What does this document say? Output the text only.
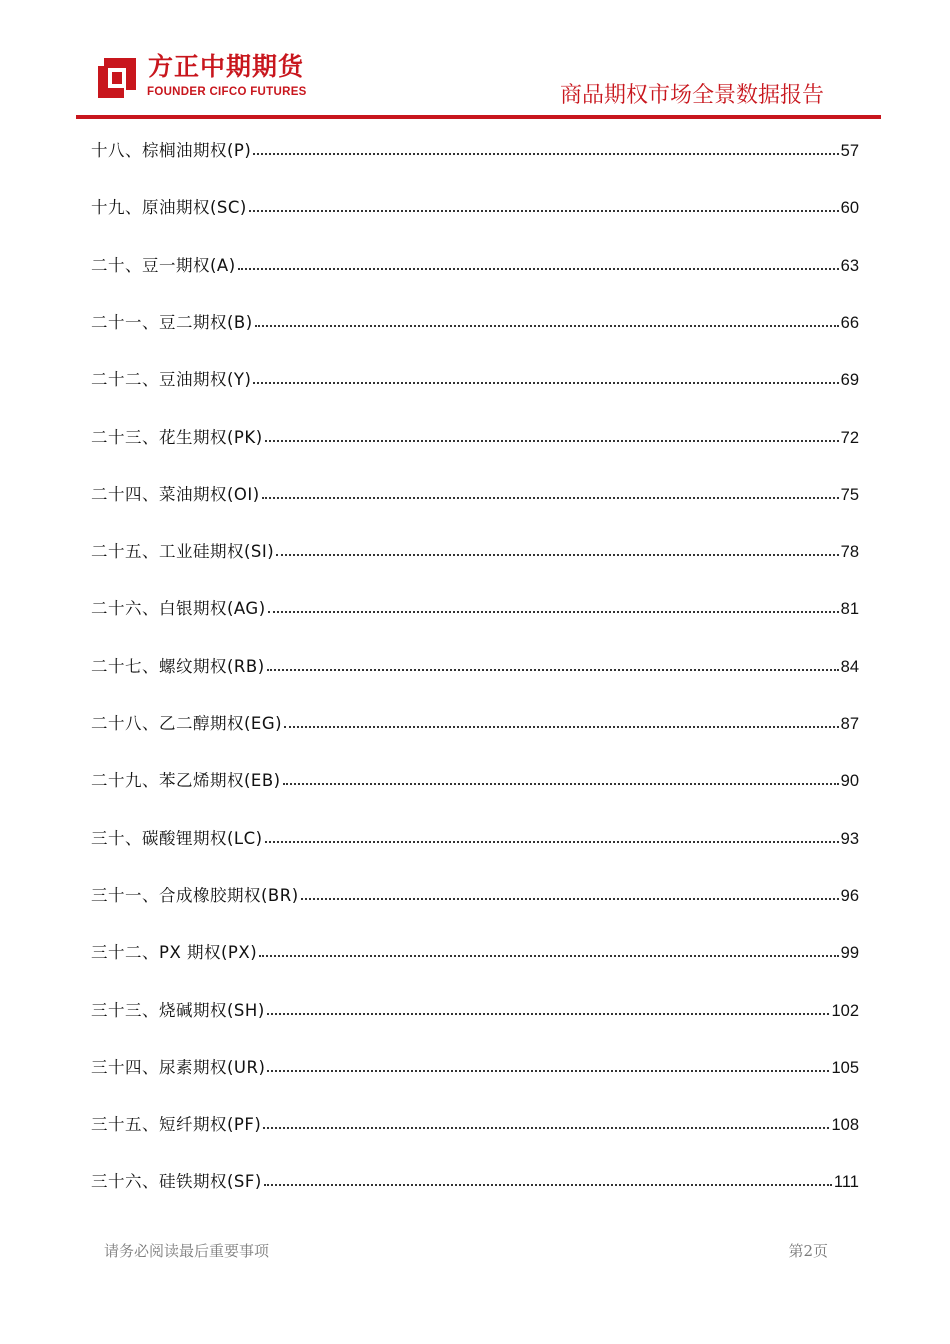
方正中期期货
FOUNDER CIFCO FUTURES	商品期权市场全景数据报告
十八、棕榈油期权(P)	57
十九、原油期权(SC)	60
二十、豆一期权(A)	63
二十一、豆二期权(B)	66
二十二、豆油期权(Y)	69
二十三、花生期权(PK)	72
二十四、菜油期权(OI)	75
二十五、工业硅期权(SI)	78
二十六、白银期权(AG)	81
二十七、螺纹期权(RB)	84
二十八、乙二醇期权(EG)	87
二十九、苯乙烯期权(EB)	90
三十、碳酸锂期权(LC)	93
三十一、合成橡胶期权(BR)	96
三十二、PX 期权(PX)	99
三十三、烧碱期权(SH)	102
三十四、尿素期权(UR)	105
三十五、短纤期权(PF)	108
三十六、硅铁期权(SF)	111
请务必阅读最后重要事项	第2页
